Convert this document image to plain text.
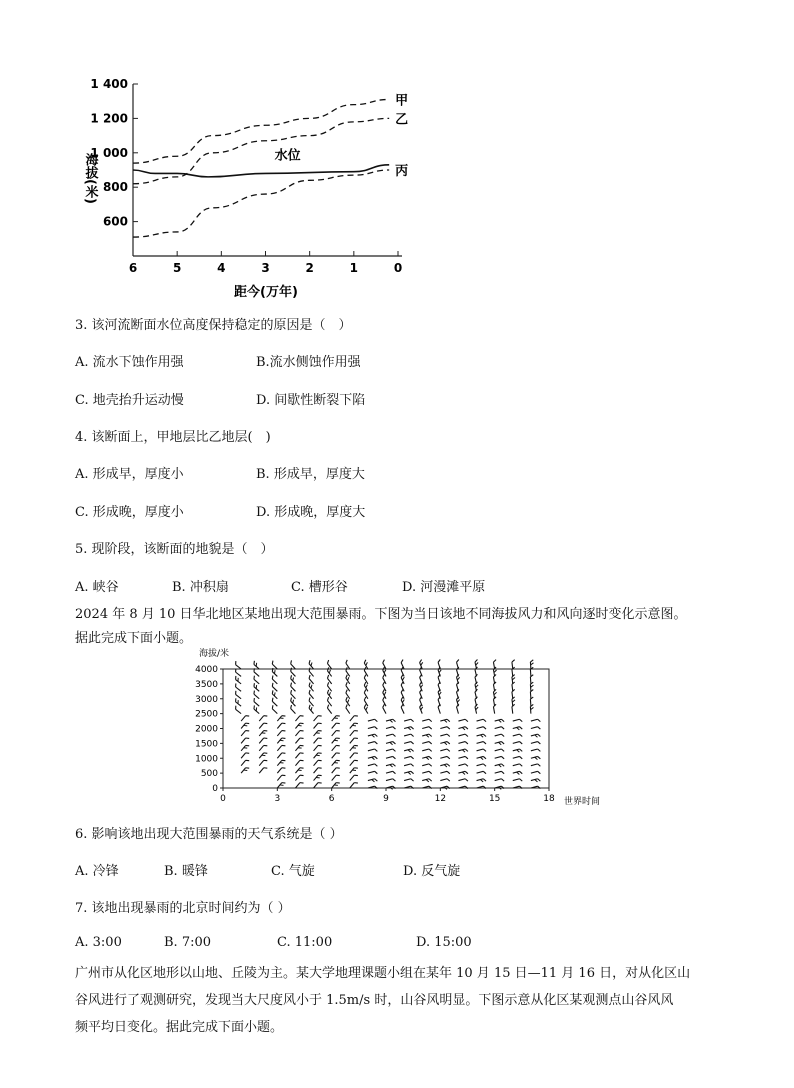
600
800
1 000
1 200
1 400
6	5	4	3	2	1	0
甲
乙
水位
丙
海拔(米)
距今(万年)
3. 该河流断面水位高度保持稳定的原因是（　）
A. 流水下蚀作用强	B.流水侧蚀作用强
C. 地壳抬升运动慢	D. 间歇性断裂下陷
4. 该断面上，甲地层比乙地层(　)
A. 形成早，厚度小	B. 形成早，厚度大
C. 形成晚，厚度小	D. 形成晚，厚度大
5. 现阶段，该断面的地貌是（　）
A. 峡谷	B. 冲积扇	C. 槽形谷	D. 河漫滩平原
2024 年 8 月 10 日华北地区某地出现大范围暴雨。下图为当日该地不同海拔风力和风向逐时变化示意图。
据此完成下面小题。
0
500
1000
1500
2000
2500
3000
3500
4000
0	3	6	9	12	15	18
海拔/米
世界时间
6. 影响该地出现大范围暴雨的天气系统是（ ）
A. 冷锋	B. 暖锋	C. 气旋	D. 反气旋
7. 该地出现暴雨的北京时间约为（ ）
A. 3:00	B. 7:00	C. 11:00	D. 15:00
广州市从化区地形以山地、丘陵为主。某大学地理课题小组在某年 10 月 15 日—11 月 16 日，对从化区山
谷风进行了观测研究，发现当大尺度风小于 1.5m/s 时，山谷风明显。下图示意从化区某观测点山谷风风
频平均日变化。据此完成下面小题。
